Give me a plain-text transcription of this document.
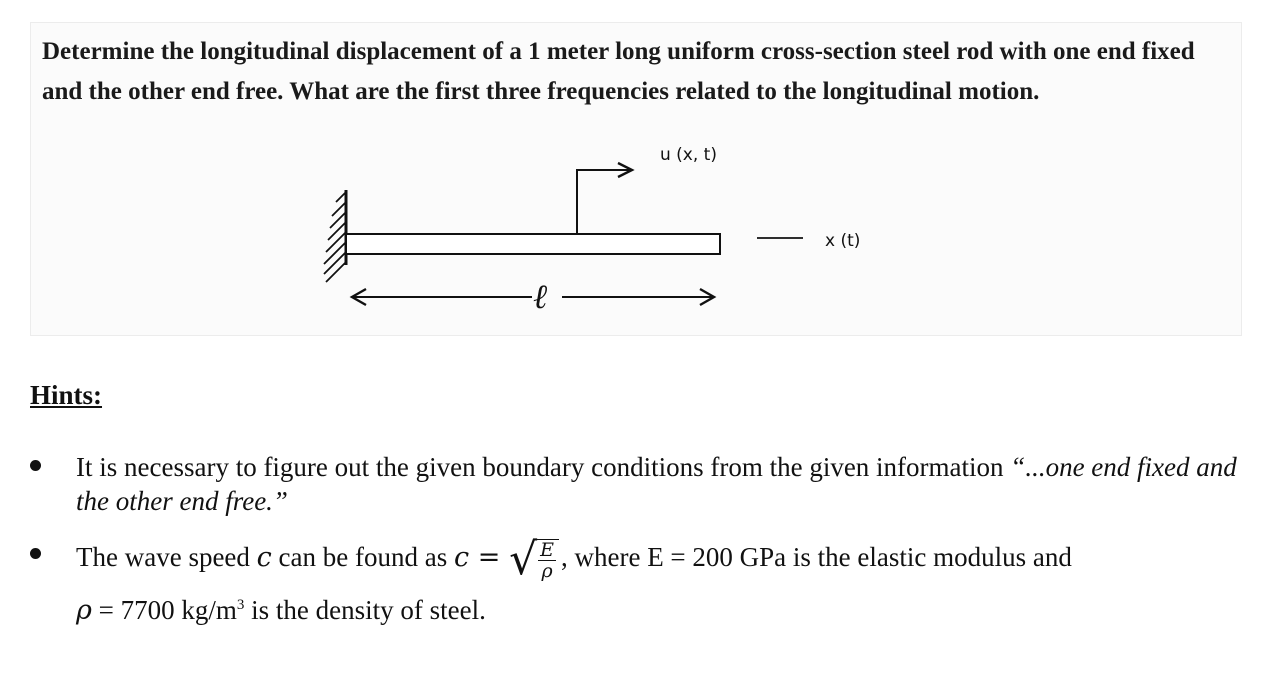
Determine the longitudinal displacement of a 1 meter long uniform cross-section steel rod with one end fixed and the other end free. What are the first three frequencies related to the longitudinal motion.

u (x, t)
x (t)
ℓ
Hints:
It is necessary to figure out the given boundary conditions from the given information “...one end fixed and the other end free.”
The wave speed c can be found as c = √
$\frac{E}{\rho}$ , where E = 200 GPa is the elastic modulus and
ρ = 7700 $kg/m^3$ is the density of steel.
